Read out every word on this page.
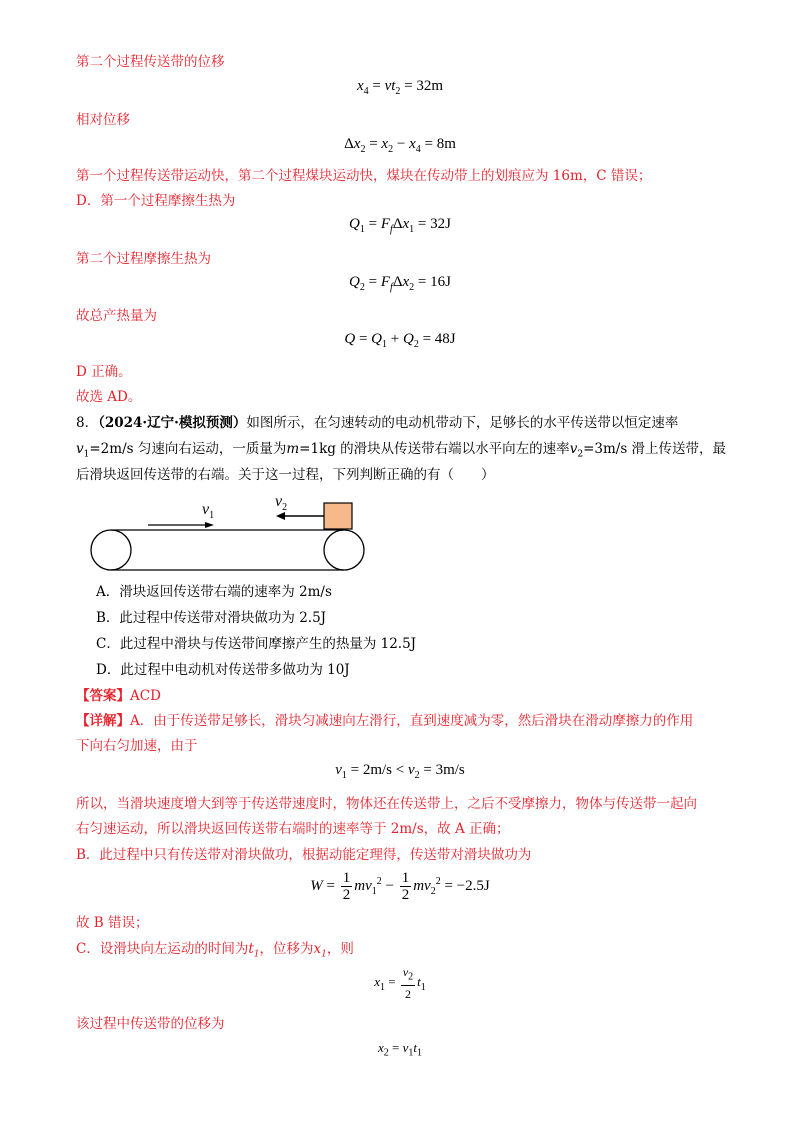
第二个过程传送带的位移
$x_4 = vt_2 = 32m$
相对位移
$\Delta x_2 = x_2 - x_4 = 8m$
第一个过程传送带运动快，第二个过程煤块运动快，煤块在传动带上的划痕应为 16m，C 错误；
D．第一个过程摩擦生热为
$Q_1 = F_f\Delta x_1 = 32J$
第二个过程摩擦生热为
$Q_2 = F_f\Delta x_2 = 16J$
故总产热量为
$Q = Q_1 + Q_2 = 48J$
D 正确。
故选 AD。
8．（2024·辽宁·模拟预测）如图所示，在匀速转动的电动机带动下，足够长的水平传送带以恒定速率
$v_1=2m/s$ 匀速向右运动，一质量为m=1kg 的滑块从传送带右端以水平向左的速率$v_2=3m/s$ 滑上传送带，最
后滑块返回传送带的右端。关于这一过程，下列判断正确的有（　　）
$v_1$
$v_2$
A．滑块返回传送带右端的速率为 2m/s
B．此过程中传送带对滑块做功为 2.5J
C．此过程中滑块与传送带间摩擦产生的热量为 12.5J
D．此过程中电动机对传送带多做功为 10J
【答案】ACD
【详解】A．由于传送带足够长，滑块匀减速向左滑行，直到速度减为零，然后滑块在滑动摩擦力的作用
下向右匀加速，由于
$v_1 = 2m/s < v_2 = 3m/s$
所以，当滑块速度增大到等于传送带速度时，物体还在传送带上，之后不受摩擦力，物体与传送带一起向
右匀速运动，所以滑块返回传送带右端时的速率等于 2m/s，故 A 正确；
B．此过程中只有传送带对滑块做功，根据动能定理得，传送带对滑块做功为
$W = \frac{1}{2} mv_1^2 - \frac{1}{2} mv_2^2 = -2.5J$
故 B 错误；
C．设滑块向左运动的时间为$t_1$，位移为$x_1$，则
$x_1 = \frac{v_2}{2} t_1$
该过程中传送带的位移为
$x_2 = v_1t_1$
